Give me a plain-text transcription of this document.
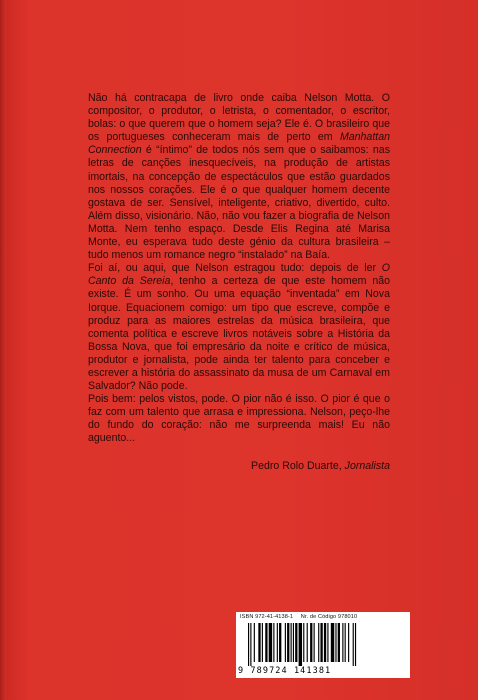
Não há contracapa de livro onde caiba Nelson Motta. O compositor, o produtor, o letrista, o comentador, o escritor, bolas: o que querem que o homem seja? Ele é. O brasileiro que os portugueses conheceram mais de perto em Manhattan Connection é “íntimo” de todos nós sem que o saibamos: nas letras de canções inesquecíveis, na produção de artistas imortais, na concepção de espectáculos que estão guardados nos nossos corações. Ele é o que qualquer homem decente gostava de ser. Sensível, inteligente, criativo, divertido, culto. Além disso, visionário. Não, não vou fazer a biografia de Nelson Motta. Nem tenho espaço. Desde Elis Regina até Marisa Monte, eu esperava tudo deste génio da cultura brasileira – tudo menos um romance negro “instalado” na Baía.

Foi aí, ou aqui, que Nelson estragou tudo: depois de ler O Canto da Sereia, tenho a certeza de que este homem não existe. É um sonho. Ou uma equação “inventada” em Nova Iorque. Equacionem comigo: um tipo que escreve, compõe e produz para as maiores estrelas da música brasileira, que comenta política e escreve livros notáveis sobre a História da Bossa Nova, que foi empresário da noite e crítico de música, produtor e jornalista, pode ainda ter talento para conceber e escrever a história do assassinato da musa de um Carnaval em Salvador? Não pode.

Pois bem: pelos vistos, pode. O pior não é isso. O pior é que o faz com um talento que arrasa e impressiona. Nelson, peço-lhe do fundo do coração: não me surpreenda mais! Eu não aguento...

Pedro Rolo Duarte, Jornalista

ISBN 972-41-4138-1 Nr. de Código 978010
9 789724 141381
